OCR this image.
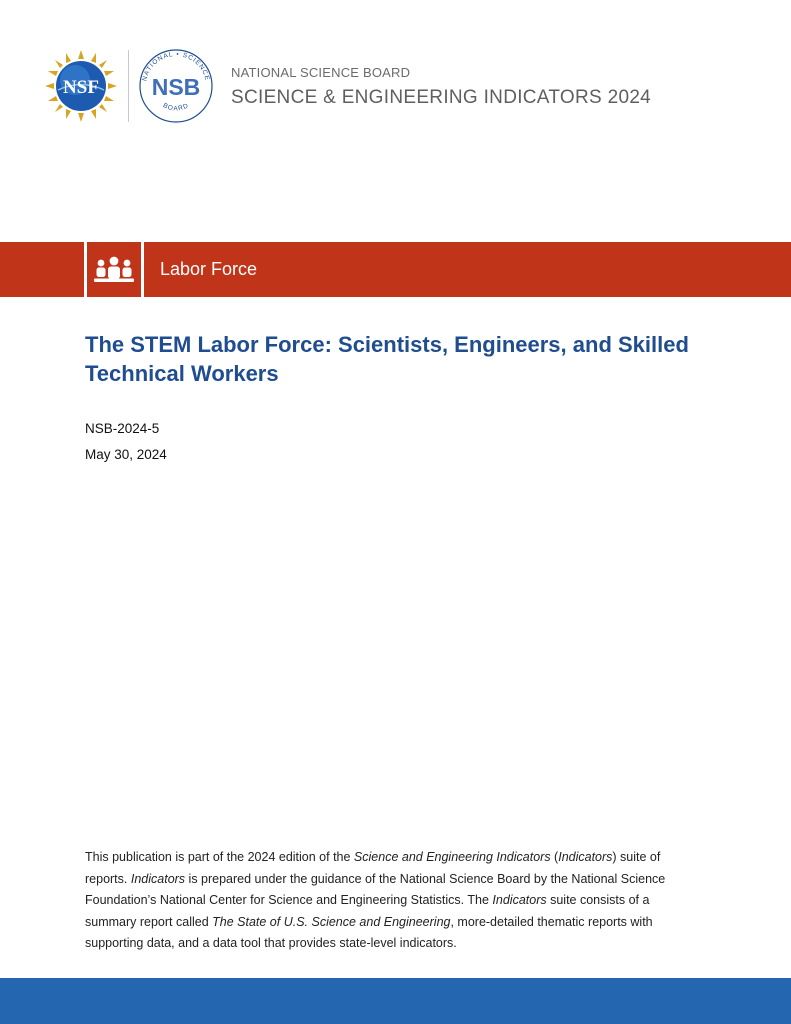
NSF	NATIONAL • SCIENCE
BOARD
NSB
NATIONAL SCIENCE BOARD
SCIENCE & ENGINEERING INDICATORS 2024
Labor Force
The STEM Labor Force: Scientists, Engineers, and Skilled Technical Workers
NSB-2024-5
May 30, 2024

This publication is part of the 2024 edition of the Science and Engineering Indicators (Indicators) suite of reports. Indicators is prepared under the guidance of the National Science Board by the National Science Foundation’s National Center for Science and Engineering Statistics. The Indicators suite consists of a summary report called The State of U.S. Science and Engineering, more-detailed thematic reports with supporting data, and a data tool that provides state-level indicators.
